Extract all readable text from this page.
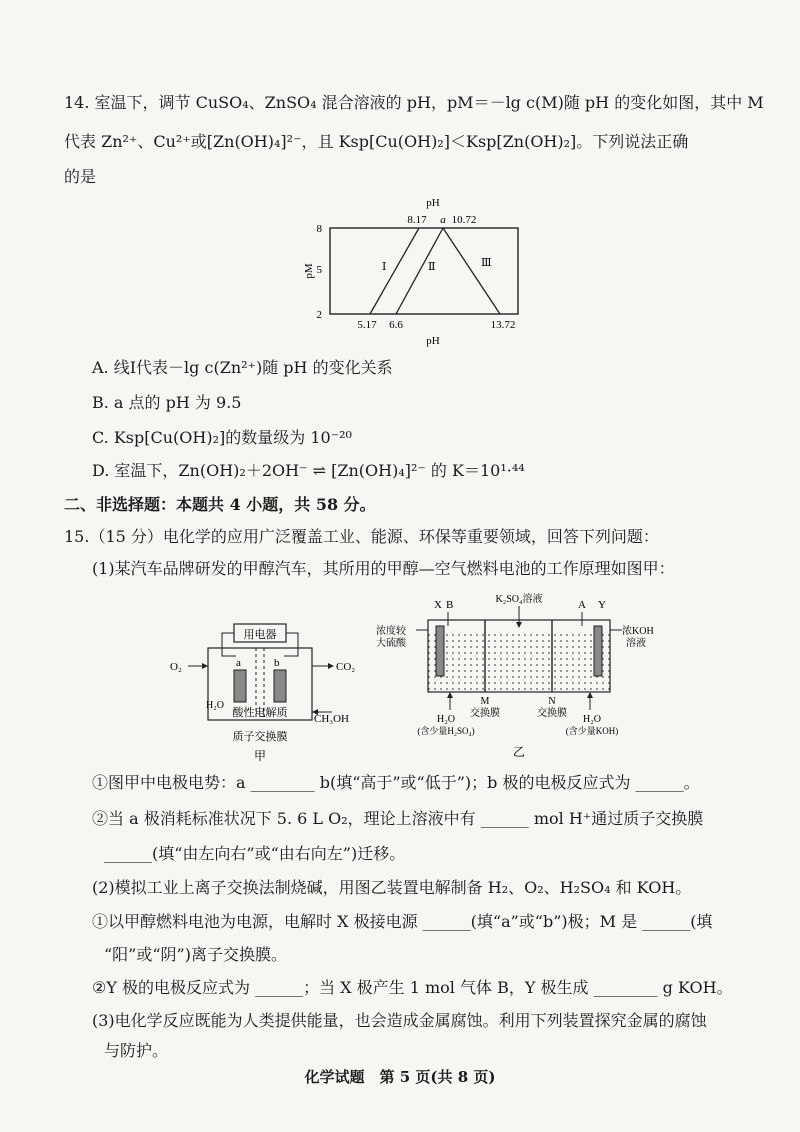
14. 室温下，调节 CuSO₄、ZnSO₄ 混合溶液的 pH，pM＝－lg c(M)随 pH 的变化如图，其中 M
代表 Zn²⁺、Cu²⁺或[Zn(OH)₄]²⁻，且 Ksp[Cu(OH)₂]＜Ksp[Zn(OH)₂]。下列说法正确
的是
pH
8
5
2
pM
8.17 a 10.72
5.17 6.6	13.72
pH
Ⅰ	Ⅱ	Ⅲ
A. 线Ⅰ代表－lg c(Zn²⁺)随 pH 的变化关系
B. a 点的 pH 为 9.5
C. Ksp[Cu(OH)₂]的数量级为 10⁻²⁰
D. 室温下，Zn(OH)₂＋2OH⁻ ⇌ [Zn(OH)₄]²⁻ 的 K＝10¹·⁴⁴
二、非选择题：本题共 4 小题，共 58 分。
15.（15 分）电化学的应用广泛覆盖工业、能源、环保等重要领域，回答下列问题：
(1)某汽车品牌研发的甲醇汽车，其所用的甲醇—空气燃料电池的工作原理如图甲：
用电器
a	b
O₂	CO₂
H₂O
CH₃OH
酸性电解质
质子交换膜
甲
X B	A Y
K₂SO₄溶液
浓度较
大硫酸
浓KOH
溶液
M
交换膜
N
交换膜
H₂O
(含少量H₂SO₄)
H₂O
(含少量KOH)
乙
①图甲中电极电势：a ________ b(填“高于”或“低于”)；b 极的电极反应式为 ______。
②当 a 极消耗标准状况下 5. 6 L O₂，理论上溶液中有 ______ mol H⁺通过质子交换膜
______(填“由左向右”或“由右向左”)迁移。
(2)模拟工业上离子交换法制烧碱，用图乙装置电解制备 H₂、O₂、H₂SO₄ 和 KOH。
①以甲醇燃料电池为电源，电解时 X 极接电源 ______(填“a”或“b”)极；M 是 ______(填
“阳”或“阴”)离子交换膜。
②Y 极的电极反应式为 ______；当 X 极产生 1 mol 气体 B，Y 极生成 ________ g KOH。
(3)电化学反应既能为人类提供能量，也会造成金属腐蚀。利用下列装置探究金属的腐蚀
与防护。
化学试题　第 5 页(共 8 页)
